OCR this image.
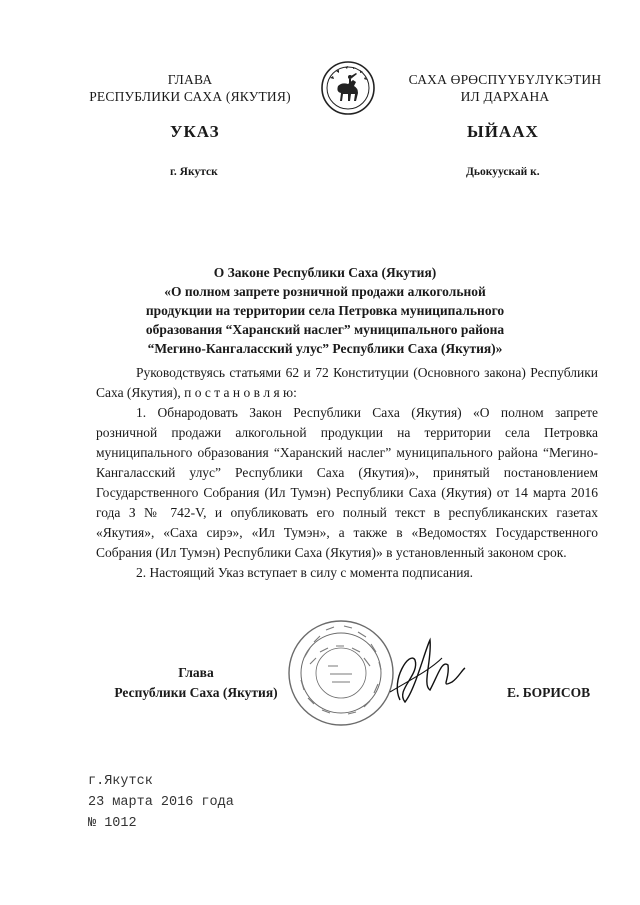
ГЛАВА
РЕСПУБЛИКИ САХА (ЯКУТИЯ)
САХА ӨРӨСПҮҮБҮЛҮКЭТИН
ИЛ ДАРХАНА
УКАЗ	ЫЙААХ
г. Якутск	Дьокуускай к.
О Законе Республики Саха (Якутия)
«О полном запрете розничной продажи алкогольной
продукции на территории села Петровка муниципального
образования “Харанский наслег” муниципального района
“Мегино-Кангаласский улус” Республики Саха (Якутия)»

Руководствуясь статьями 62 и 72 Конституции (Основного закона) Республики Саха (Якутия), п о с т а н о в л я ю:

1. Обнародовать Закон Республики Саха (Якутия) «О полном запрете розничной продажи алкогольной продукции на территории села Петровка муниципального образования “Харанский наслег” муниципального района “Мегино-Кангаласский улус” Республики Саха (Якутия)», принятый постановлением Государственного Собрания (Ил Тумэн) Республики Саха (Якутия) от 14 марта 2016 года З № 742-V, и опубликовать его полный текст в республиканских газетах «Якутия», «Саха сирэ», «Ил Тумэн», а также в «Ведомостях Государственного Собрания (Ил Тумэн) Республики Саха (Якутия)» в установленный законом срок.

2. Настоящий Указ вступает в силу с момента подписания.

Глава
Республики Саха (Якутия)	Е. БОРИСОВ
г.Якутск
23 марта 2016 года
№ 1012
